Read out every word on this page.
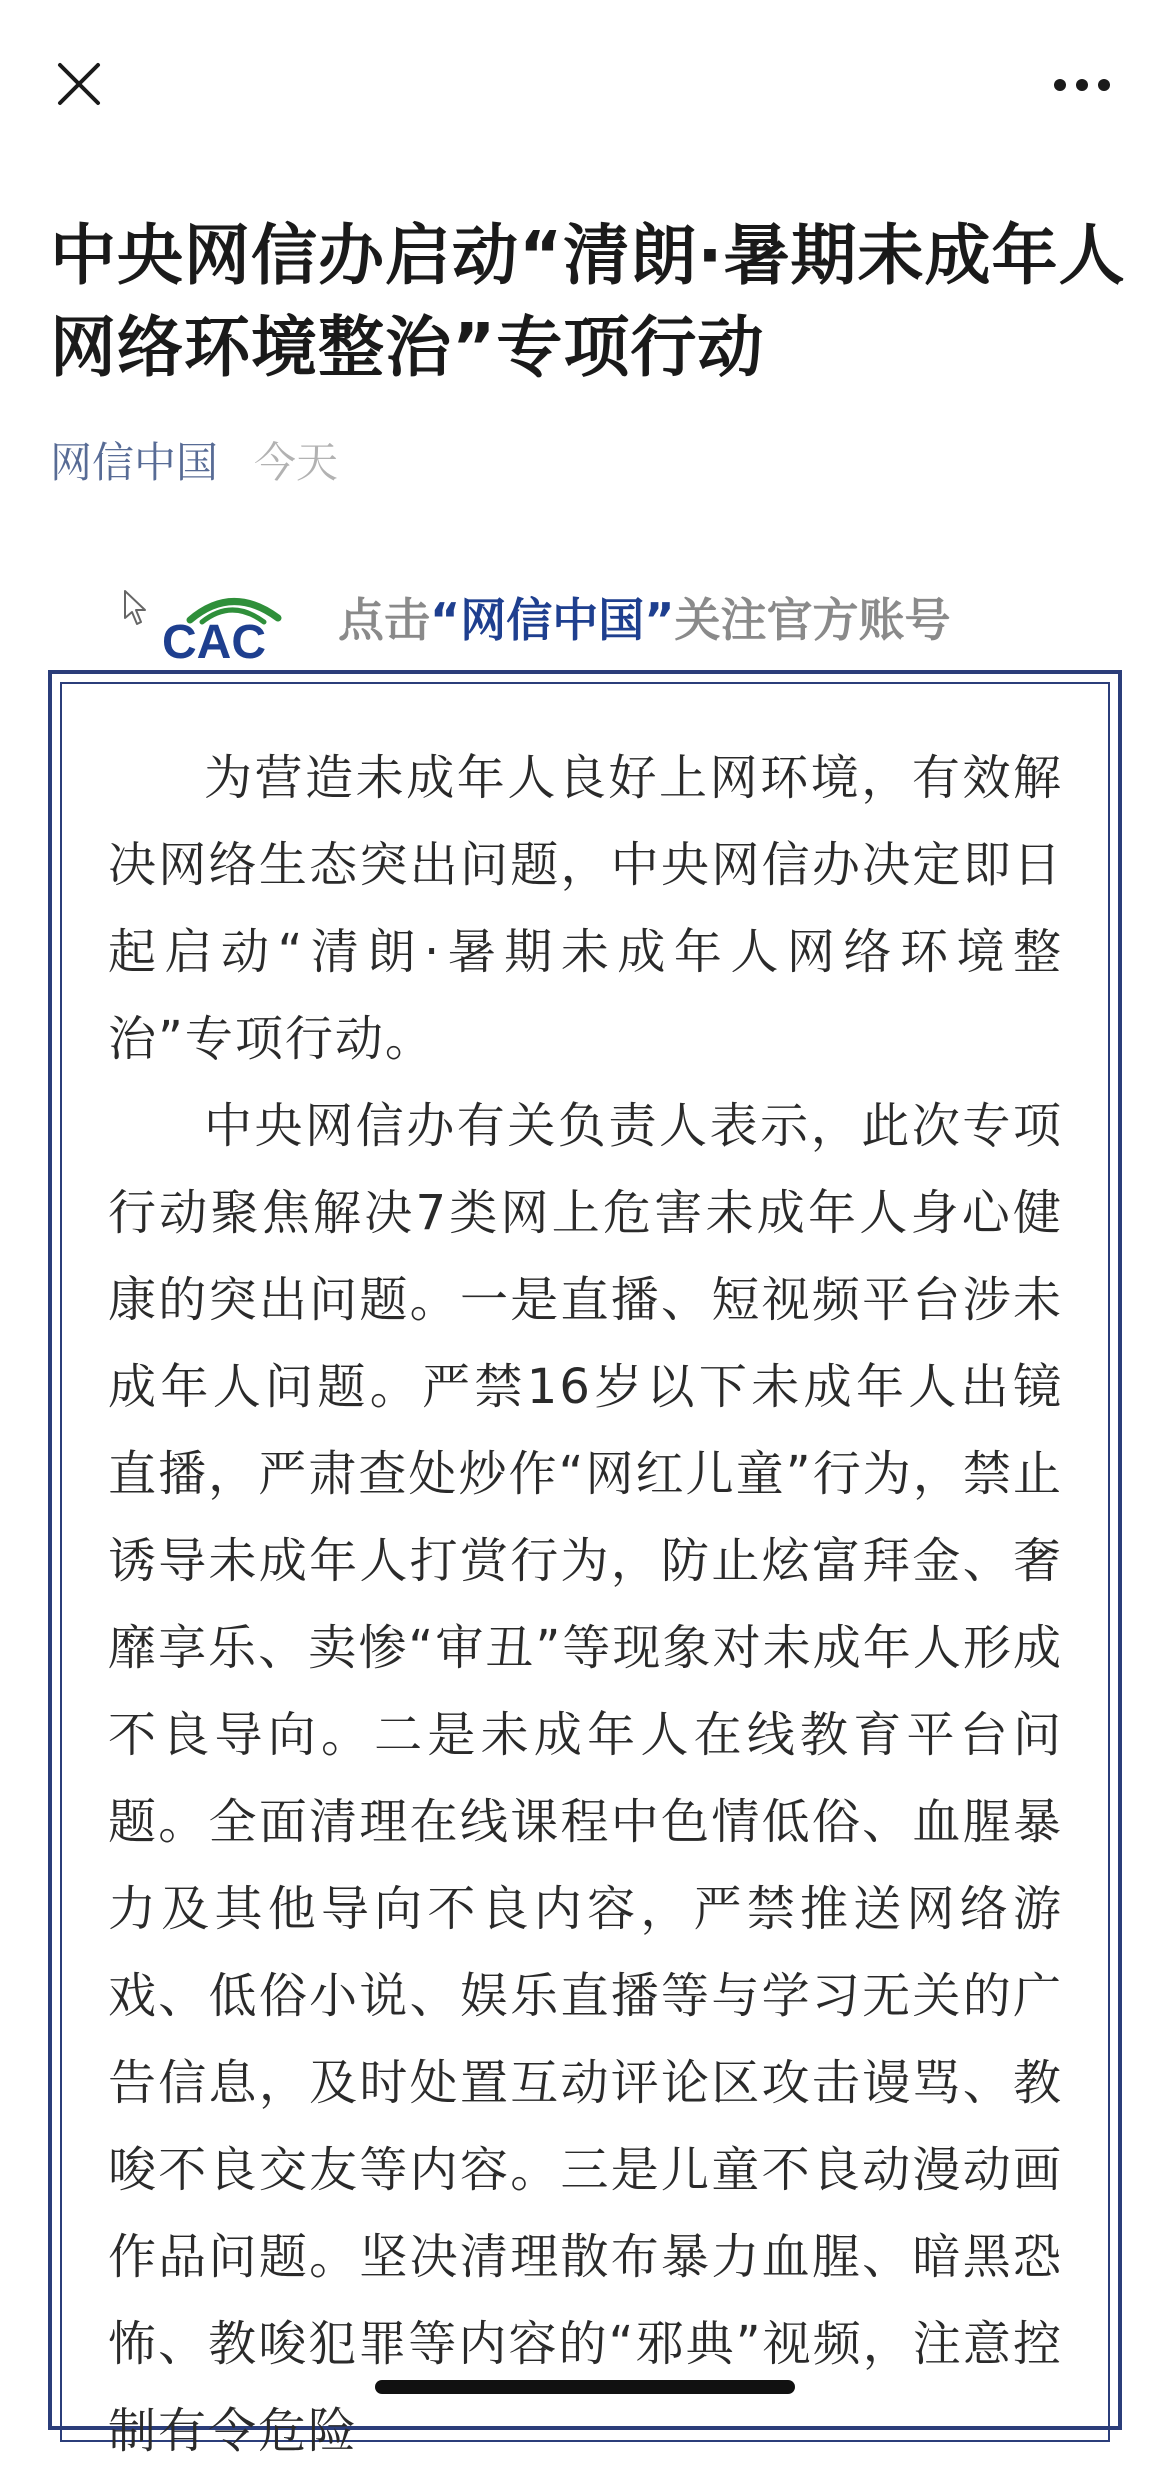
中央网信办启动“清朗·暑期未成年人网络环境整治”专项行动
网信中国 今天
CAC 点击“网信中国”关注官方账号

为营造未成年人良好上网环境，有效解决网络生态突出问题，中央网信办决定即日起启动“清朗·暑期未成年人网络环境整治”专项行动。

中央网信办有关负责人表示，此次专项行动聚焦解决7类网上危害未成年人身心健康的突出问题。一是直播、短视频平台涉未成年人问题。严禁16岁以下未成年人出镜直播，严肃查处炒作“网红儿童”行为，禁止诱导未成年人打赏行为，防止炫富拜金、奢靡享乐、卖惨“审丑”等现象对未成年人形成不良导向。二是未成年人在线教育平台问题。全面清理在线课程中色情低俗、血腥暴力及其他导向不良内容，严禁推送网络游戏、低俗小说、娱乐直播等与学习无关的广告信息，及时处置互动评论区攻击谩骂、教唆不良交友等内容。三是儿童不良动漫动画作品问题。坚决清理散布暴力血腥、暗黑恐怖、教唆犯罪等内容的“邪典”视频，注意控制有令危险
